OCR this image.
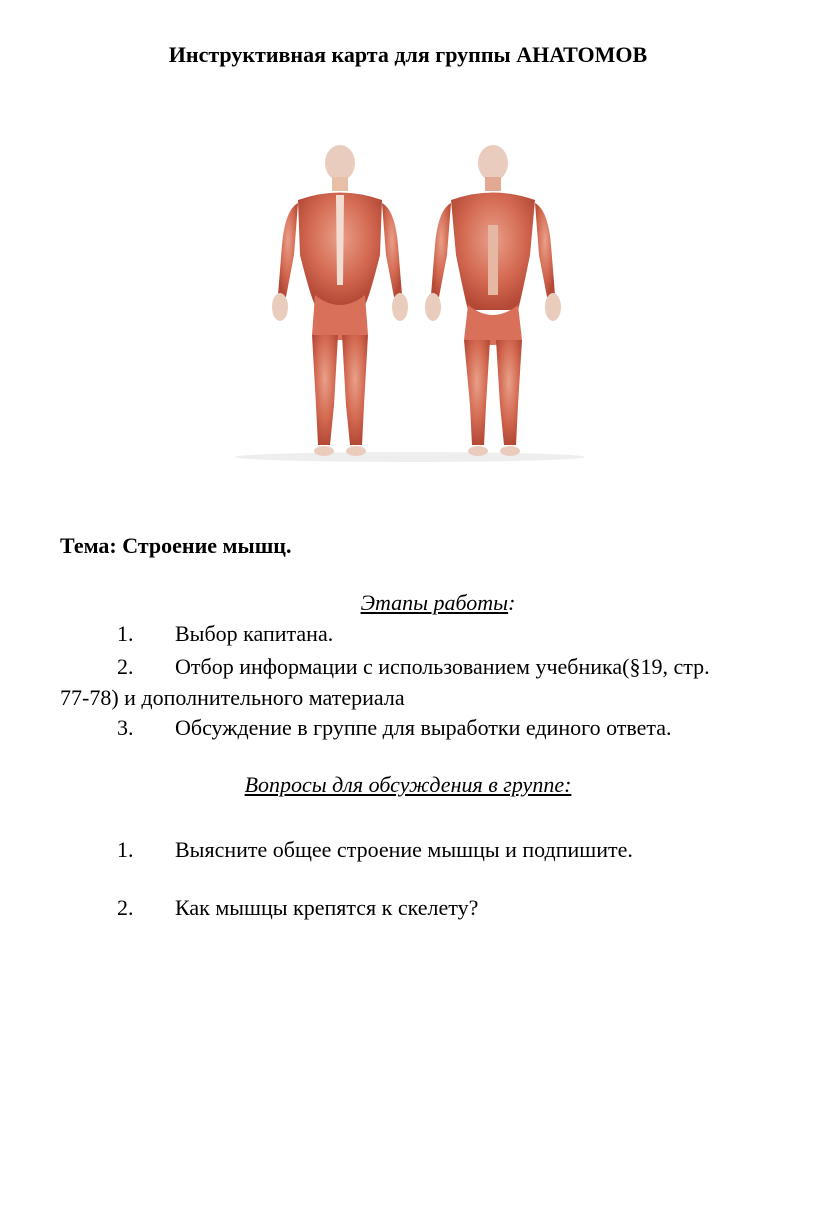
Инструктивная карта для группы АНАТОМОВ
Тема: Строение мышц.
Этапы работы:
1. Выбор капитана.
2. Отбор информации с использованием учебника(§19, стр.
77-78) и дополнительного материала
3. Обсуждение в группе для выработки единого ответа.
Вопросы для обсуждения в группе:
1. Выясните общее строение мышцы и подпишите.
2. Как мышцы крепятся к скелету?
